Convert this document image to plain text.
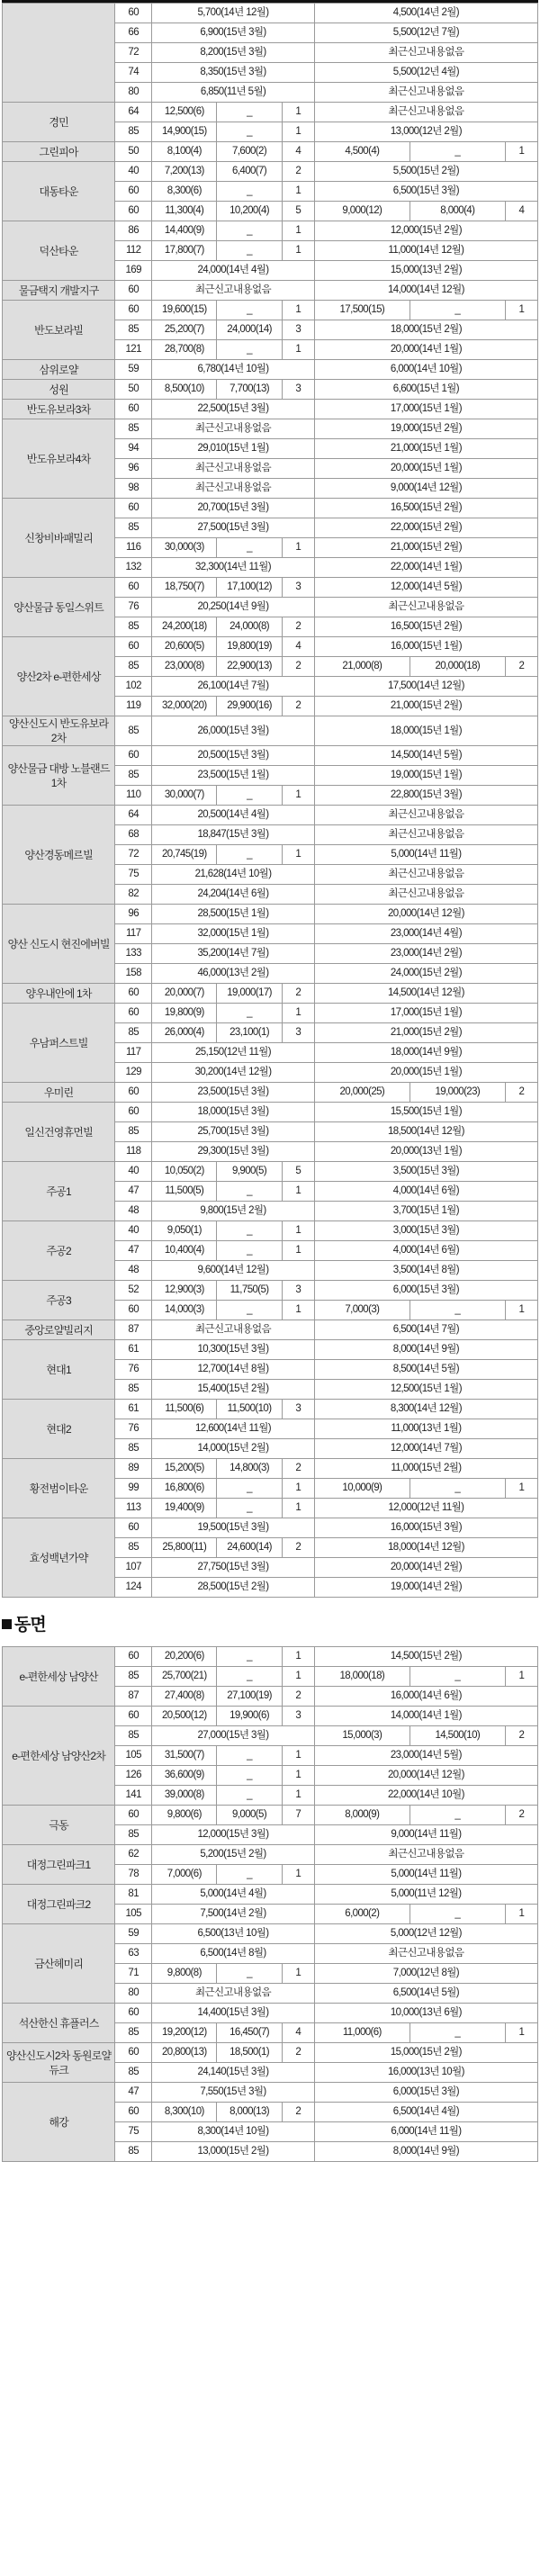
	60	5,700(14년 12월)			4,500(14년 2월)		
	66	6,900(15년 3월)			5,500(12년 7월)		
	72	8,200(15년 3월)			최근신고내용없음		
	74	8,350(15년 3월)			5,500(12년 4월)		
	80	6,850(11년 5월)			최근신고내용없음		
경민	64	12,500(6)	_	1	최근신고내용없음		
	85	14,900(15)	_	1	13,000(12년 2월)		
그린피아	50	8,100(4)	7,600(2)	4	4,500(4)	_	1
대동타운	40	7,200(13)	6,400(7)	2	5,500(15년 2월)		
	60	8,300(6)	_	1	6,500(15년 3월)		
	60	11,300(4)	10,200(4)	5	9,000(12)	8,000(4)	4
덕산타운	86	14,400(9)	_	1	12,000(15년 2월)		
	112	17,800(7)	_	1	11,000(14년 12월)		
	169	24,000(14년 4월)			15,000(13년 2월)		
물금택지 개발지구	60	최근신고내용없음			14,000(14년 12월)		
반도보라빌	60	19,600(15)	_	1	17,500(15)	_	1
	85	25,200(7)	24,000(14)	3	18,000(15년 2월)		
	121	28,700(8)	_	1	20,000(14년 1월)		
삼위로얄	59	6,780(14년 10월)			6,000(14년 10월)		
성원	50	8,500(10)	7,700(13)	3	6,600(15년 1월)		
반도유보라3차	60	22,500(15년 3월)			17,000(15년 1월)		
반도유보라4차	85	최근신고내용없음			19,000(15년 2월)		
	94	29,010(15년 1월)			21,000(15년 1월)		
	96	최근신고내용없음			20,000(15년 1월)		
	98	최근신고내용없음			9,000(14년 12월)		
신창비바패밀리	60	20,700(15년 3월)			16,500(15년 2월)		
	85	27,500(15년 3월)			22,000(15년 2월)		
	116	30,000(3)	_	1	21,000(15년 2월)		
	132	32,300(14년 11월)			22,000(14년 1월)		
양산물금 동일스위트	60	18,750(7)	17,100(12)	3	12,000(14년 5월)		
	76	20,250(14년 9월)			최근신고내용없음		
	85	24,200(18)	24,000(8)	2	16,500(15년 2월)		
양산2차 e-편한세상	60	20,600(5)	19,800(19)	4	16,000(15년 1월)		
	85	23,000(8)	22,900(13)	2	21,000(8)	20,000(18)	2
	102	26,100(14년 7월)			17,500(14년 12월)		
	119	32,000(20)	29,900(16)	2	21,000(15년 2월)		
양산신도시 반도유보라 2차	85	26,000(15년 3월)			18,000(15년 1월)		
양산물금 대방 노블랜드 1차	60	20,500(15년 3월)			14,500(14년 5월)		
	85	23,500(15년 1월)			19,000(15년 1월)		
	110	30,000(7)	_	1	22,800(15년 3월)		
양산경동메르빌	64	20,500(14년 4월)			최근신고내용없음		
	68	18,847(15년 3월)			최근신고내용없음		
	72	20,745(19)	_	1	5,000(14년 11월)		
	75	21,628(14년 10월)			최근신고내용없음		
	82	24,204(14년 6월)			최근신고내용없음		
양산 신도시 현진에버빌	96	28,500(15년 1월)			20,000(14년 12월)		
	117	32,000(15년 1월)			23,000(14년 4월)		
	133	35,200(14년 7월)			23,000(14년 2월)		
	158	46,000(13년 2월)			24,000(15년 2월)		
양우내안에 1차	60	20,000(7)	19,000(17)	2	14,500(14년 12월)		
우남퍼스트빌	60	19,800(9)	_	1	17,000(15년 1월)		
	85	26,000(4)	23,100(1)	3	21,000(15년 2월)		
	117	25,150(12년 11월)			18,000(14년 9월)		
	129	30,200(14년 12월)			20,000(15년 1월)		
우미린	60	23,500(15년 3월)			20,000(25)	19,000(23)	2
일신건영휴먼빌	60	18,000(15년 3월)			15,500(15년 1월)		
	85	25,700(15년 3월)			18,500(14년 12월)		
	118	29,300(15년 3월)			20,000(13년 1월)		
주공1	40	10,050(2)	9,900(5)	5	3,500(15년 3월)		
	47	11,500(5)	_	1	4,000(14년 6월)		
	48	9,800(15년 2월)			3,700(15년 1월)		
주공2	40	9,050(1)	_	1	3,000(15년 3월)		
	47	10,400(4)	_	1	4,000(14년 6월)		
	48	9,600(14년 12월)			3,500(14년 8월)		
주공3	52	12,900(3)	11,750(5)	3	6,000(15년 3월)		
	60	14,000(3)	_	1	7,000(3)	_	1
중앙로얄빌리지	87	최근신고내용없음			6,500(14년 7월)		
현대1	61	10,300(15년 3월)			8,000(14년 9월)		
	76	12,700(14년 8월)			8,500(14년 5월)		
	85	15,400(15년 2월)			12,500(15년 1월)		
현대2	61	11,500(6)	11,500(10)	3	8,300(14년 12월)		
	76	12,600(14년 11월)			11,000(13년 1월)		
	85	14,000(15년 2월)			12,000(14년 7월)		
황전범이타운	89	15,200(5)	14,800(3)	2	11,000(15년 2월)		
	99	16,800(6)	_	1	10,000(9)	_	1
	113	19,400(9)	_	1	12,000(12년 11월)		
효성백년가약	60	19,500(15년 3월)			16,000(15년 3월)		
	85	25,800(11)	24,600(14)	2	18,000(14년 12월)		
	107	27,750(15년 3월)			20,000(14년 2월)		
	124	28,500(15년 2월)			19,000(14년 2월)		
동면
e-편한세상 남양산	60	20,200(6)	_	1	14,500(15년 2월)		
	85	25,700(21)	_	1	18,000(18)	_	1
	87	27,400(8)	27,100(19)	2	16,000(14년 6월)		
e-편한세상 남양산2차	60	20,500(12)	19,900(6)	3	14,000(14년 1월)		
	85	27,000(15년 3월)			15,000(3)	14,500(10)	2
	105	31,500(7)	_	1	23,000(14년 5월)		
	126	36,600(9)	_	1	20,000(14년 12월)		
	141	39,000(8)	_	1	22,000(14년 10월)		
극동	60	9,800(6)	9,000(5)	7	8,000(9)	_	2
	85	12,000(15년 3월)			9,000(14년 11월)		
대정그린파크1	62	5,200(15년 2월)			최근신고내용없음		
	78	7,000(6)	_	1	5,000(14년 11월)		
대정그린파크2	81	5,000(14년 4월)			5,000(11년 12월)		
	105	7,500(14년 2월)			6,000(2)	_	1
금산헤미리	59	6,500(13년 10월)			5,000(12년 12월)		
	63	6,500(14년 8월)			최근신고내용없음		
	71	9,800(8)	_	1	7,000(12년 8월)		
	80	최근신고내용없음			6,500(14년 5월)		
석산한신 휴플러스	60	14,400(15년 3월)			10,000(13년 6월)		
	85	19,200(12)	16,450(7)	4	11,000(6)	_	1
양산신도시2차 동원로얄듀크	60	20,800(13)	18,500(1)	2	15,000(15년 2월)		
	85	24,140(15년 3월)			16,000(13년 10월)		
해강	47	7,550(15년 3월)			6,000(15년 3월)		
	60	8,300(10)	8,000(13)	2	6,500(14년 4월)		
	75	8,300(14년 10월)			6,000(14년 11월)		
	85	13,000(15년 2월)			8,000(14년 9월)		
